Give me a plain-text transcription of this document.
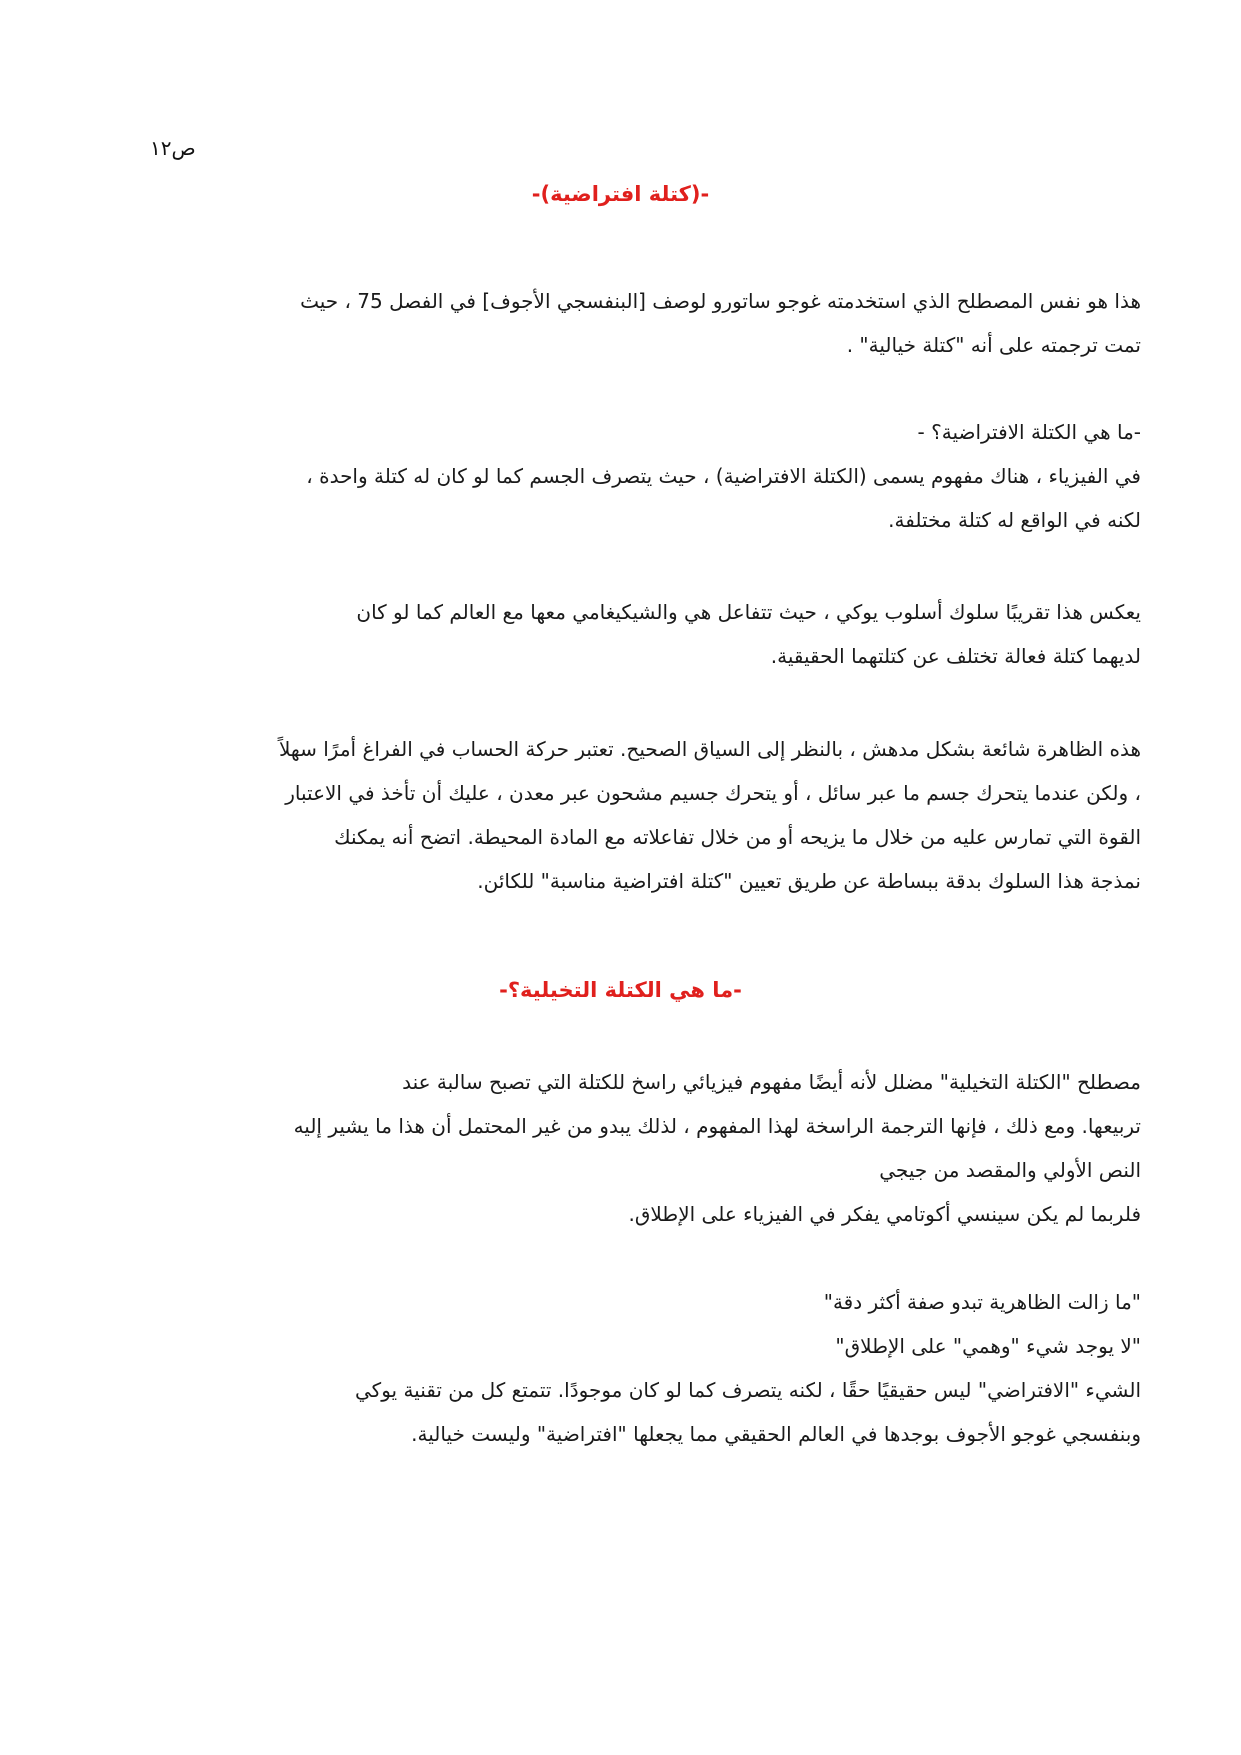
ص١٢
-(كتلة افتراضية)-
هذا هو نفس المصطلح الذي استخدمته غوجو ساتورو لوصف [البنفسجي الأجوف] في الفصل 75 ، حيث
تمت ترجمته على أنه "كتلة خيالية" .
-ما هي الكتلة الافتراضية؟ -
في الفيزياء ، هناك مفهوم يسمى (الكتلة الافتراضية) ، حيث يتصرف الجسم كما لو كان له كتلة واحدة ،
لكنه في الواقع له كتلة مختلفة.
يعكس هذا تقريبًا سلوك أسلوب يوكي ، حيث تتفاعل هي والشيكيغامي معها مع العالم كما لو كان
لديهما كتلة فعالة تختلف عن كتلتهما الحقيقية.
هذه الظاهرة شائعة بشكل مدهش ، بالنظر إلى السياق الصحيح. تعتبر حركة الحساب في الفراغ أمرًا سهلاً
، ولكن عندما يتحرك جسم ما عبر سائل ، أو يتحرك جسيم مشحون عبر معدن ، عليك أن تأخذ في الاعتبار
القوة التي تمارس عليه من خلال ما يزيحه أو من خلال تفاعلاته مع المادة المحيطة. اتضح أنه يمكنك
نمذجة هذا السلوك بدقة ببساطة عن طريق تعيين "كتلة افتراضية مناسبة" للكائن.
-ما هي الكتلة التخيلية؟-
مصطلح "الكتلة التخيلية" مضلل لأنه أيضًا مفهوم فيزيائي راسخ للكتلة التي تصبح سالبة عند
تربيعها. ومع ذلك ، فإنها الترجمة الراسخة لهذا المفهوم ، لذلك يبدو من غير المحتمل أن هذا ما يشير إليه
النص الأولي والمقصد من جيجي
فلربما لم يكن سينسي أكوتامي يفكر في الفيزياء على الإطلاق.
"ما زالت الظاهرية تبدو صفة أكثر دقة"
"لا يوجد شيء "وهمي" على الإطلاق"
الشيء "الافتراضي" ليس حقيقيًا حقًا ، لكنه يتصرف كما لو كان موجودًا. تتمتع كل من تقنية يوكي
وبنفسجي غوجو الأجوف بوجدها في العالم الحقيقي مما يجعلها "افتراضية" وليست خيالية.
